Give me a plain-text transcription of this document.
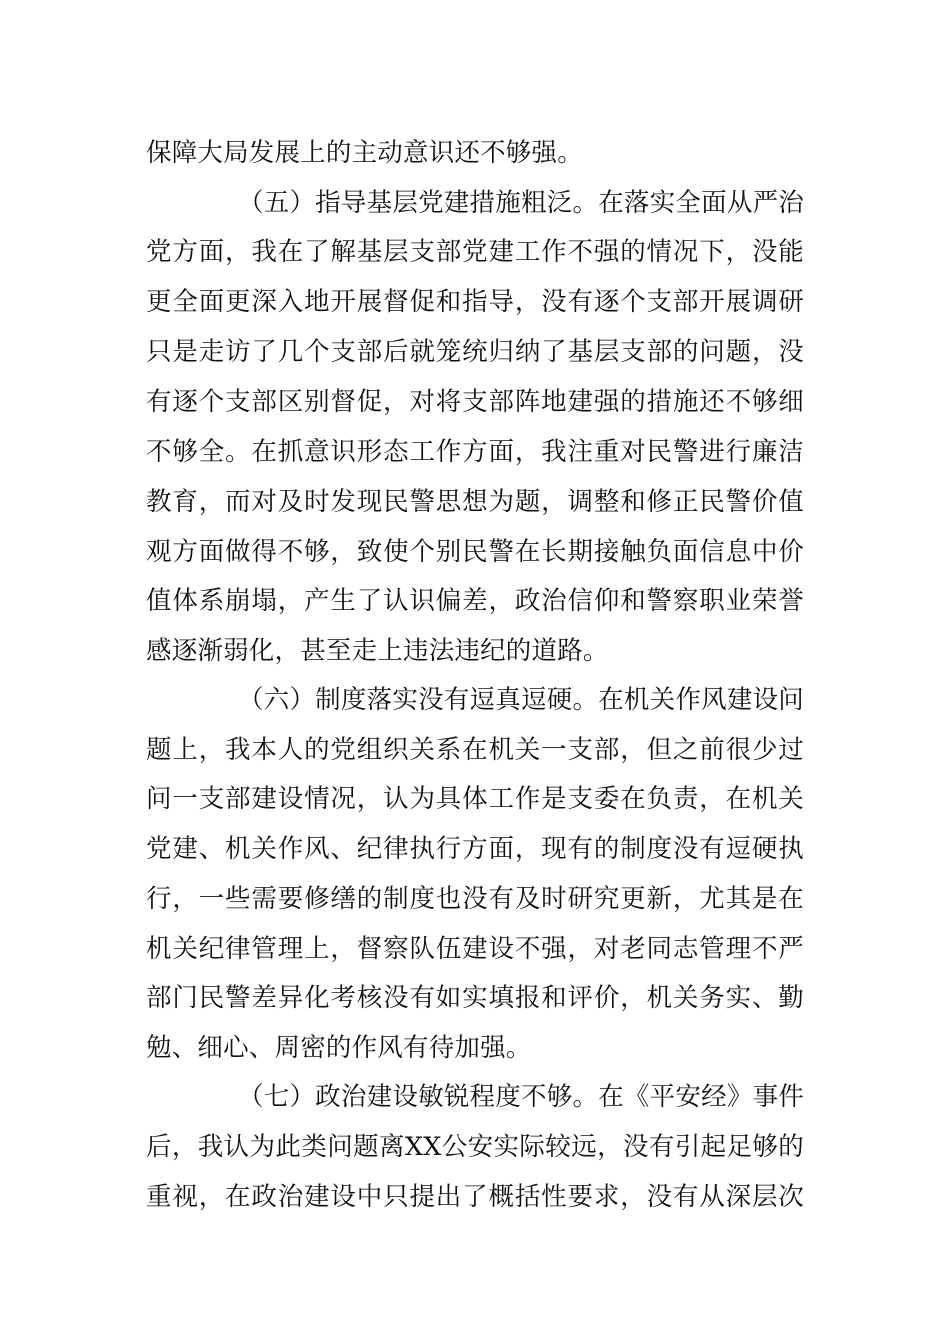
保障大局发展上的主动意识还不够强。
（五）指导基层党建措施粗泛。在落实全面从严治
党方面，我在了解基层支部党建工作不强的情况下，没能
更全面更深入地开展督促和指导，没有逐个支部开展调研
只是走访了几个支部后就笼统归纳了基层支部的问题，没
有逐个支部区别督促，对将支部阵地建强的措施还不够细
不够全。在抓意识形态工作方面，我注重对民警进行廉洁
教育，而对及时发现民警思想为题，调整和修正民警价值
观方面做得不够，致使个别民警在长期接触负面信息中价
值体系崩塌，产生了认识偏差，政治信仰和警察职业荣誉
感逐渐弱化，甚至走上违法违纪的道路。
（六）制度落实没有逗真逗硬。在机关作风建设问
题上，我本人的党组织关系在机关一支部，但之前很少过
问一支部建设情况，认为具体工作是支委在负责，在机关
党建、机关作风、纪律执行方面，现有的制度没有逗硬执
行，一些需要修缮的制度也没有及时研究更新，尤其是在
机关纪律管理上，督察队伍建设不强，对老同志管理不严
部门民警差异化考核没有如实填报和评价，机关务实、勤
勉、细心、周密的作风有待加强。
（七）政治建设敏锐程度不够。在《平安经》事件
后，我认为此类问题离XX公安实际较远，没有引起足够的
重视，在政治建设中只提出了概括性要求，没有从深层次
